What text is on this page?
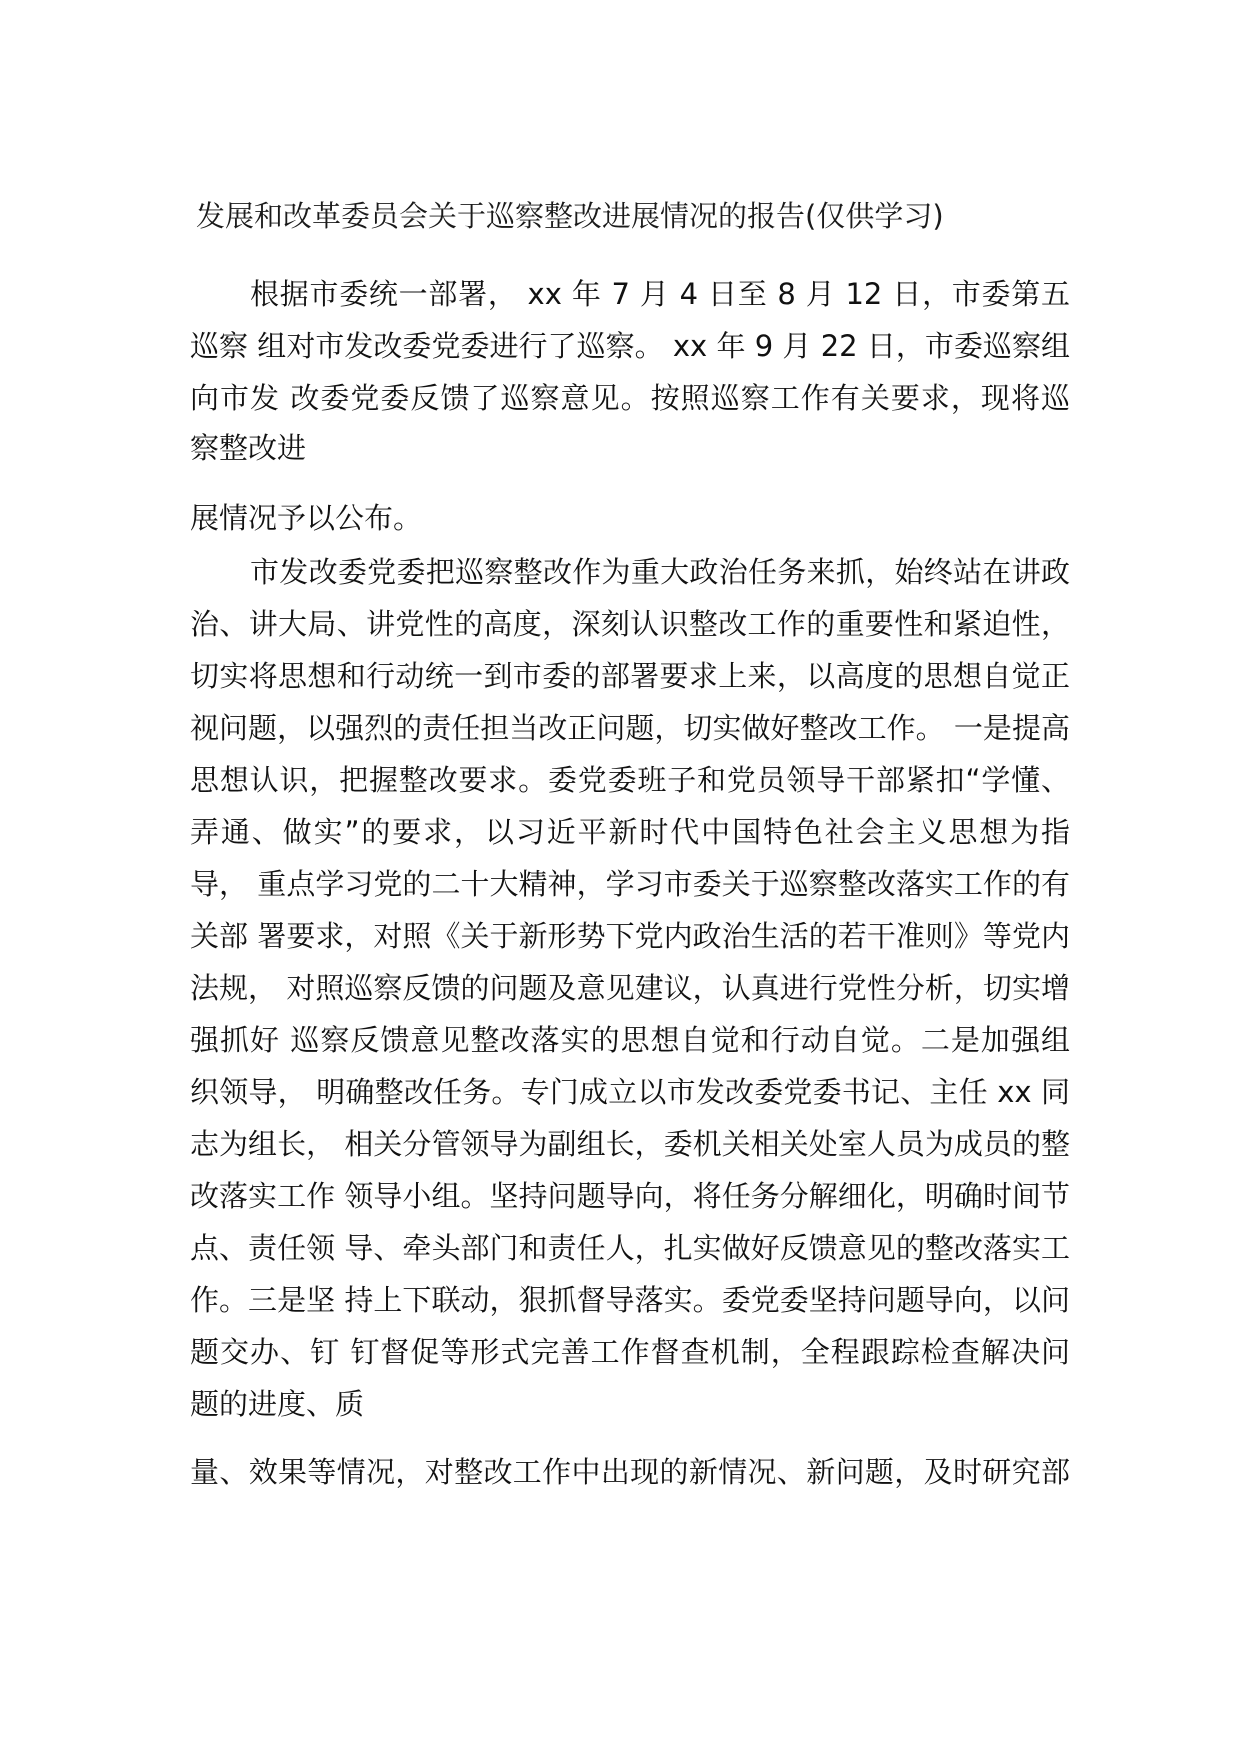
发展和改革委员会关于巡察整改进展情况的报告(仅供学习)
根据市委统一部署， xx 年 7 月 4 日至 8 月 12 日，市委第五
巡察 组对市发改委党委进行了巡察。 xx 年 9 月 22 日，市委巡察组
向市发 改委党委反馈了巡察意见。按照巡察工作有关要求，现将巡
察整改进
展情况予以公布。
市发改委党委把巡察整改作为重大政治任务来抓，始终站在讲政
治、讲大局、讲党性的高度，深刻认识整改工作的重要性和紧迫性，
切实将思想和行动统一到市委的部署要求上来，以高度的思想自觉正
视问题，以强烈的责任担当改正问题，切实做好整改工作。 一是提高
思想认识，把握整改要求。委党委班子和党员领导干部紧扣“学懂、
弄通、做实”的要求，以习近平新时代中国特色社会主义思想为指
导， 重点学习党的二十大精神，学习市委关于巡察整改落实工作的有
关部 署要求，对照《关于新形势下党内政治生活的若干准则》等党内
法规， 对照巡察反馈的问题及意见建议，认真进行党性分析，切实增
强抓好 巡察反馈意见整改落实的思想自觉和行动自觉。二是加强组
织领导， 明确整改任务。专门成立以市发改委党委书记、主任 xx 同
志为组长， 相关分管领导为副组长，委机关相关处室人员为成员的整
改落实工作 领导小组。坚持问题导向，将任务分解细化，明确时间节
点、责任领 导、牵头部门和责任人，扎实做好反馈意见的整改落实工
作。三是坚 持上下联动，狠抓督导落实。委党委坚持问题导向，以问
题交办、钉 钉督促等形式完善工作督查机制，全程跟踪检查解决问
题的进度、质
量、效果等情况，对整改工作中出现的新情况、新问题，及时研究部
